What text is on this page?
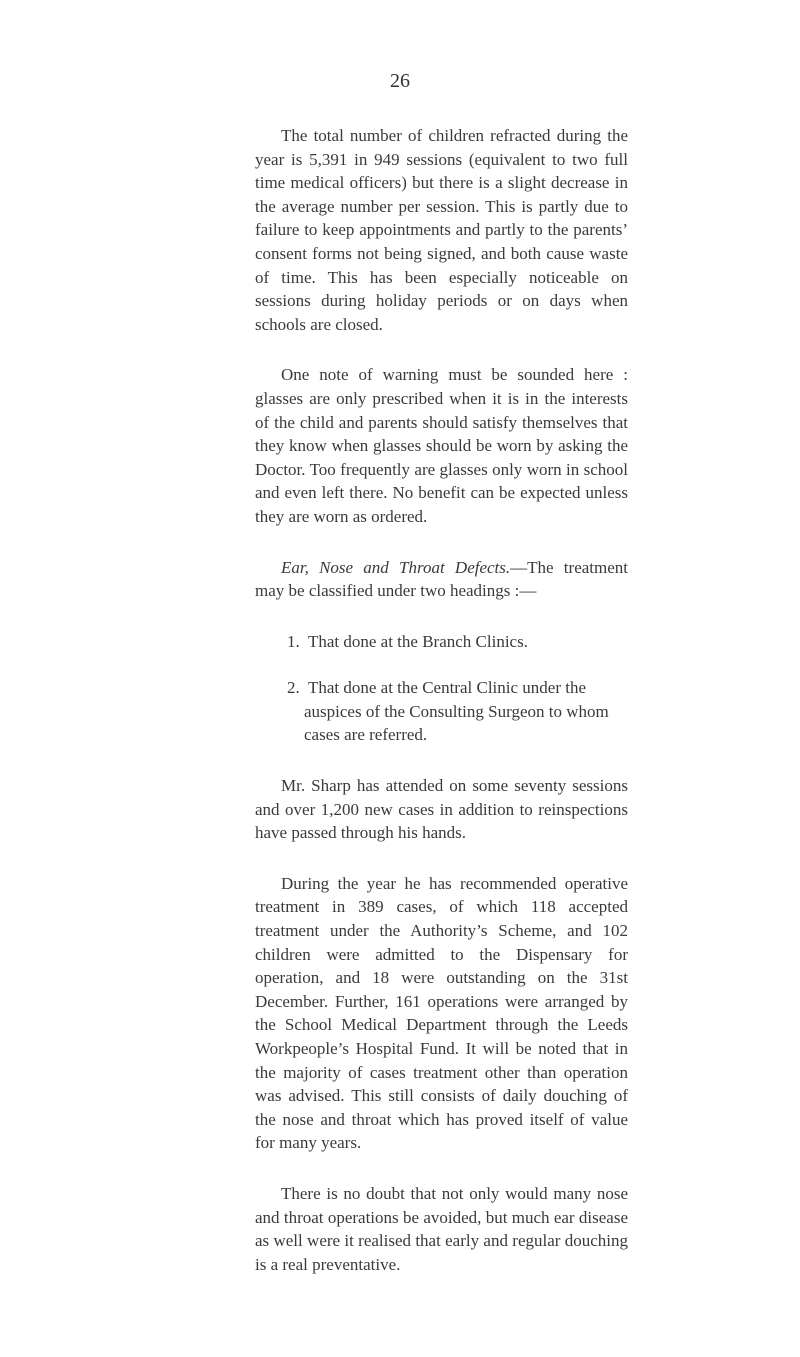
26

The total number of children refracted during the year is 5,391 in 949 sessions (equivalent to two full time medical officers) but there is a slight decrease in the average number per session. This is partly due to failure to keep appointments and partly to the parents’ consent forms not being signed, and both cause waste of time. This has been especially noticeable on sessions during holiday periods or on days when schools are closed.

One note of warning must be sounded here : glasses are only prescribed when it is in the interests of the child and parents should satisfy themselves that they know when glasses should be worn by asking the Doctor. Too frequently are glasses only worn in school and even left there. No benefit can be expected unless they are worn as ordered.

Ear, Nose and Throat Defects.—The treatment may be classified under two headings :—

1. That done at the Branch Clinics.
2. That done at the Central Clinic under the auspices of the Consulting Surgeon to whom cases are referred.

Mr. Sharp has attended on some seventy sessions and over 1,200 new cases in addition to reinspections have passed through his hands.

During the year he has recommended operative treatment in 389 cases, of which 118 accepted treatment under the Authority’s Scheme, and 102 children were admitted to the Dispensary for operation, and 18 were outstanding on the 31st December. Further, 161 operations were arranged by the School Medical Department through the Leeds Workpeople’s Hospital Fund. It will be noted that in the majority of cases treatment other than operation was advised. This still consists of daily douching of the nose and throat which has proved itself of value for many years.

There is no doubt that not only would many nose and throat operations be avoided, but much ear disease as well were it realised that early and regular douching is a real preventative.
